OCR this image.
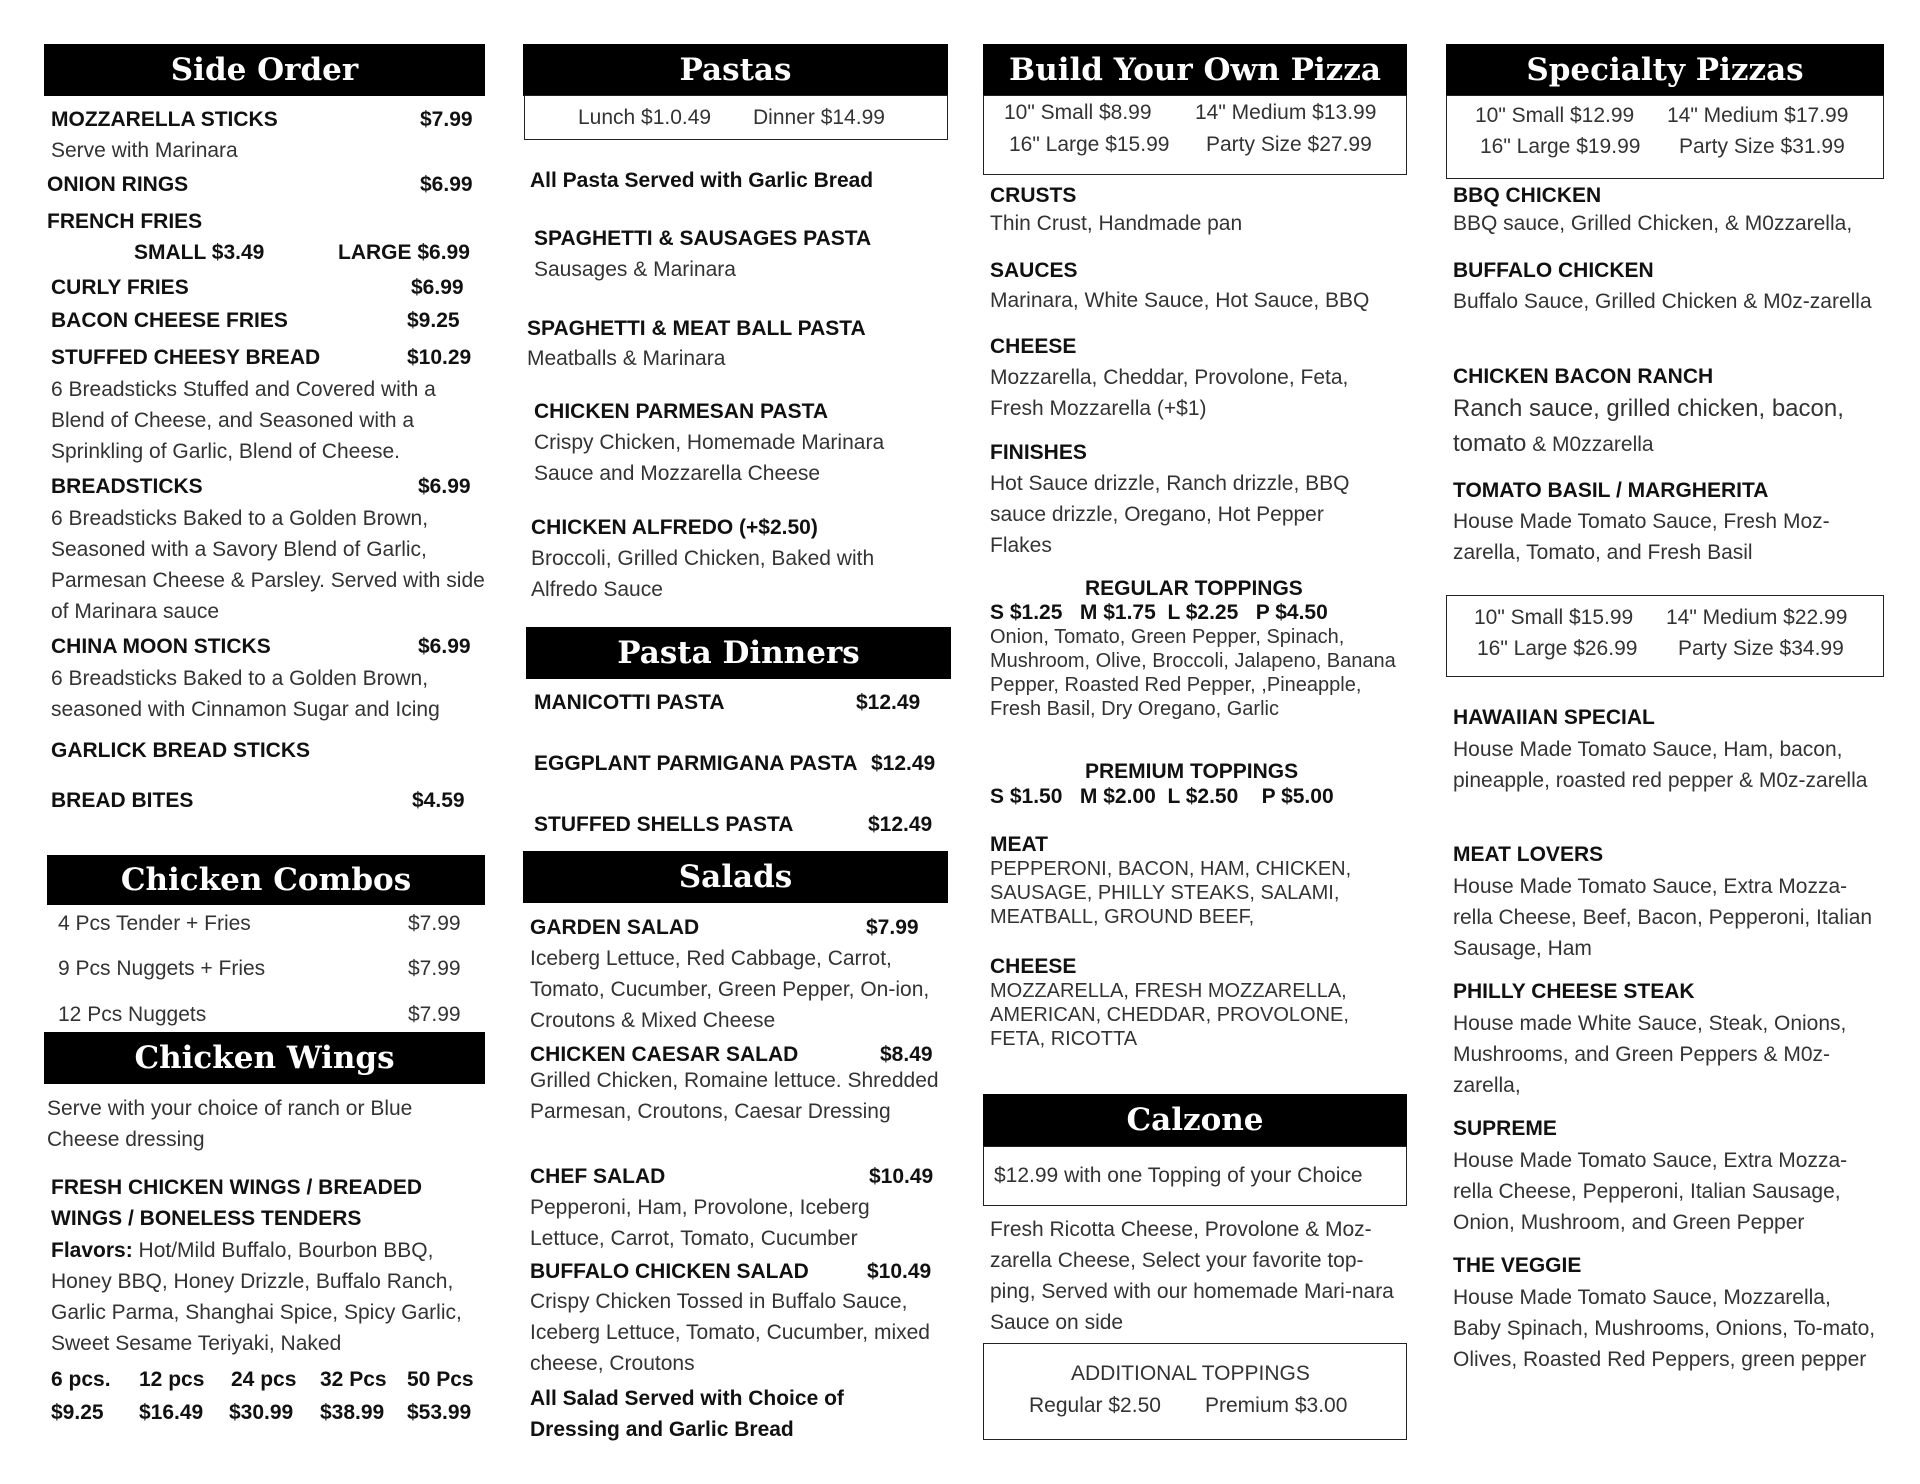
Side Order
MOZZARELLA STICKS	$7.99
Serve with Marinara
ONION RINGS	$6.99
FRENCH FRIES
SMALL $3.49	LARGE $6.99
CURLY FRIES	$6.99
BACON CHEESE FRIES	$9.25
STUFFED CHEESY BREAD	$10.29
6 Breadsticks Stuffed and Covered with a Blend of Cheese, and Seasoned with a Sprinkling of Garlic, Blend of Cheese.
BREADSTICKS	$6.99
6 Breadsticks Baked to a Golden Brown, Seasoned with a Savory Blend of Garlic, Parmesan Cheese & Parsley. Served with side of Marinara sauce
CHINA MOON STICKS	$6.99
6 Breadsticks Baked to a Golden Brown, seasoned with Cinnamon Sugar and Icing
GARLICK BREAD STICKS
BREAD BITES	$4.59
Chicken Combos
4 Pcs Tender + Fries	$7.99
9 Pcs Nuggets + Fries	$7.99
12 Pcs Nuggets	$7.99
Chicken Wings
Serve with your choice of ranch or Blue Cheese dressing
FRESH CHICKEN WINGS / BREADED
WINGS / BONELESS TENDERS
Flavors: Hot/Mild Buffalo, Bourbon BBQ, Honey BBQ, Honey Drizzle, Buffalo Ranch, Garlic Parma, Shanghai Spice, Spicy Garlic, Sweet Sesame Teriyaki, Naked
6 pcs. 12 pcs 24 pcs 32 Pcs 50 Pcs
$9.25 $16.49 $30.99 $38.99 $53.99
Pastas
Lunch $1.0.49 Dinner $14.99
All Pasta Served with Garlic Bread
SPAGHETTI & SAUSAGES PASTA
Sausages & Marinara
SPAGHETTI & MEAT BALL PASTA
Meatballs & Marinara
CHICKEN PARMESAN PASTA
Crispy Chicken, Homemade Marinara Sauce and Mozzarella Cheese
CHICKEN ALFREDO (+$2.50)
Broccoli, Grilled Chicken, Baked with Alfredo Sauce
Pasta Dinners
MANICOTTI PASTA	$12.49
EGGPLANT PARMIGANA PASTA $12.49
STUFFED SHELLS PASTA	$12.49
Salads
GARDEN SALAD	$7.99
Iceberg Lettuce, Red Cabbage, Carrot, Tomato, Cucumber, Green Pepper, On-ion, Croutons & Mixed Cheese
CHICKEN CAESAR SALAD	$8.49
Grilled Chicken, Romaine lettuce. Shredded Parmesan, Croutons, Caesar Dressing
CHEF SALAD	$10.49
Pepperoni, Ham, Provolone, Iceberg Lettuce, Carrot, Tomato, Cucumber
BUFFALO CHICKEN SALAD	$10.49
Crispy Chicken Tossed in Buffalo Sauce, Iceberg Lettuce, Tomato, Cucumber, mixed cheese, Croutons
All Salad Served with Choice of Dressing and Garlic Bread
Build Your Own Pizza
10" Small $8.99 14" Medium $13.99
16" Large $15.99 Party Size $27.99
CRUSTS
Thin Crust, Handmade pan
SAUCES
Marinara, White Sauce, Hot Sauce, BBQ
CHEESE
Mozzarella, Cheddar, Provolone, Feta, Fresh Mozzarella (+$1)
FINISHES
Hot Sauce drizzle, Ranch drizzle, BBQ sauce drizzle, Oregano, Hot Pepper Flakes
REGULAR TOPPINGS
S $1.25   M $1.75  L $2.25   P $4.50
Onion, Tomato, Green Pepper, Spinach, Mushroom, Olive, Broccoli, Jalapeno, Banana Pepper, Roasted Red Pepper, ,Pineapple, Fresh Basil, Dry Oregano, Garlic
PREMIUM TOPPINGS
S $1.50   M $2.00  L $2.50    P $5.00
MEAT
PEPPERONI, BACON, HAM, CHICKEN, SAUSAGE, PHILLY STEAKS, SALAMI, MEATBALL, GROUND BEEF,
CHEESE
MOZZARELLA, FRESH MOZZARELLA, AMERICAN, CHEDDAR, PROVOLONE, FETA, RICOTTA
Calzone
$12.99 with one Topping of your Choice
Fresh Ricotta Cheese, Provolone & Moz-zarella Cheese, Select your favorite top-ping, Served with our homemade Mari-nara Sauce on side
ADDITIONAL TOPPINGS
Regular $2.50 Premium $3.00
Specialty Pizzas
10" Small $12.99 14" Medium $17.99
16" Large $19.99 Party Size $31.99
BBQ CHICKEN
BBQ sauce, Grilled Chicken, & M0zzarella,
BUFFALO CHICKEN
Buffalo Sauce, Grilled Chicken & M0z-zarella
CHICKEN BACON RANCH
Ranch sauce, grilled chicken, bacon, tomato & M0zzarella
TOMATO BASIL / MARGHERITA
House Made Tomato Sauce, Fresh Moz-zarella, Tomato, and Fresh Basil
10" Small $15.99 14" Medium $22.99
16" Large $26.99 Party Size $34.99
HAWAIIAN SPECIAL
House Made Tomato Sauce, Ham, bacon, pineapple, roasted red pepper & M0z-zarella
MEAT LOVERS
House Made Tomato Sauce, Extra Mozza-rella Cheese, Beef, Bacon, Pepperoni, Italian Sausage, Ham
PHILLY CHEESE STEAK
House made White Sauce, Steak, Onions, Mushrooms, and Green Peppers & M0z-zarella,
SUPREME
House Made Tomato Sauce, Extra Mozza-rella Cheese, Pepperoni, Italian Sausage, Onion, Mushroom, and Green Pepper
THE VEGGIE
House Made Tomato Sauce, Mozzarella, Baby Spinach, Mushrooms, Onions, To-mato, Olives, Roasted Red Peppers, green pepper
